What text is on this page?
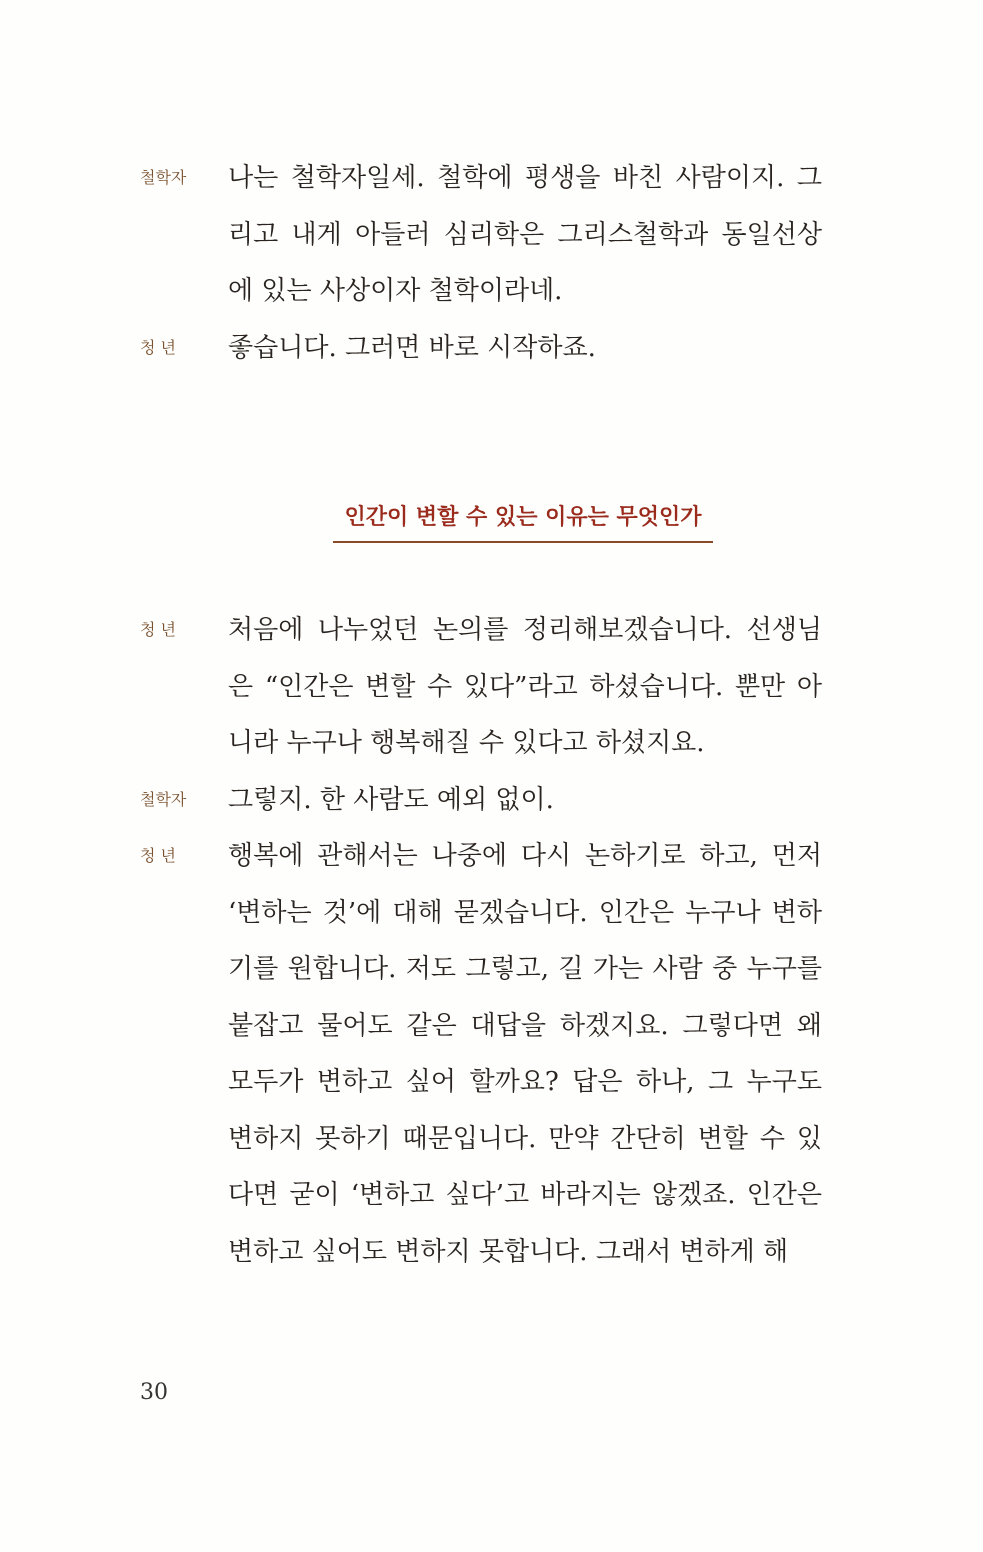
철학자	나는 철학자일세. 철학에 평생을 바친 사람이지. 그
리고 내게 아들러 심리학은 그리스철학과 동일선상
에 있는 사상이자 철학이라네.
청 년	좋습니다. 그러면 바로 시작하죠.
인간이 변할 수 있는 이유는 무엇인가
청 년	처음에 나누었던 논의를 정리해보겠습니다. 선생님
은 “인간은 변할 수 있다”라고 하셨습니다. 뿐만 아
니라 누구나 행복해질 수 있다고 하셨지요.
철학자	그렇지. 한 사람도 예외 없이.
청 년	행복에 관해서는 나중에 다시 논하기로 하고, 먼저
‘변하는 것’에 대해 묻겠습니다. 인간은 누구나 변하
기를 원합니다. 저도 그렇고, 길 가는 사람 중 누구를
붙잡고 물어도 같은 대답을 하겠지요. 그렇다면 왜
모두가 변하고 싶어 할까요? 답은 하나, 그 누구도
변하지 못하기 때문입니다. 만약 간단히 변할 수 있
다면 굳이 ‘변하고 싶다’고 바라지는 않겠죠. 인간은
변하고 싶어도 변하지 못합니다. 그래서 변하게 해
30
